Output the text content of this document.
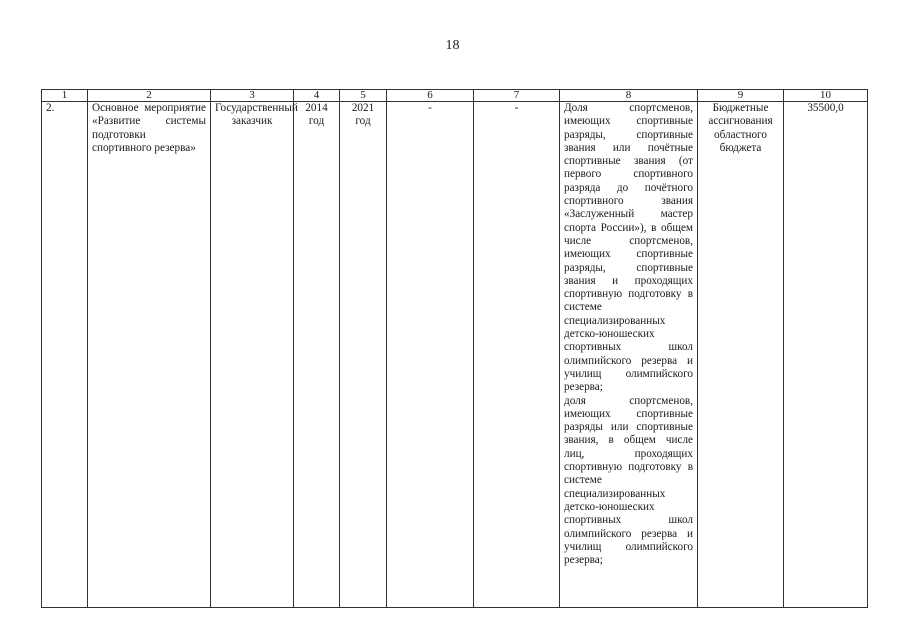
18
1	2	3	4	5	6	7	8	9	10
2.	Основное мероприятие «Развитие системы подготовки спортивного резерва»	Государственный заказчик	2014 год	2021 год	-	-	Доля спортсменов, имеющих спортивные разряды, спортивные звания или почётные спортивные звания (от первого спортивного разряда до почётного спортивного звания «Заслуженный мастер спорта России»), в общем числе спортсменов, имеющих спортивные разряды, спортивные звания и проходящих спортивную подготовку в системе специализированных детско-юношеских спортивных школ олимпийского резерва и училищ олимпийского резерва;
доля спортсменов, имеющих спортивные разряды или спортивные звания, в общем числе лиц, проходящих спортивную подготовку в системе специализированных детско-юношеских спортивных школ олимпийского резерва и училищ олимпийского резерва;	Бюджетные ассигнования областного бюджета	35500,0
